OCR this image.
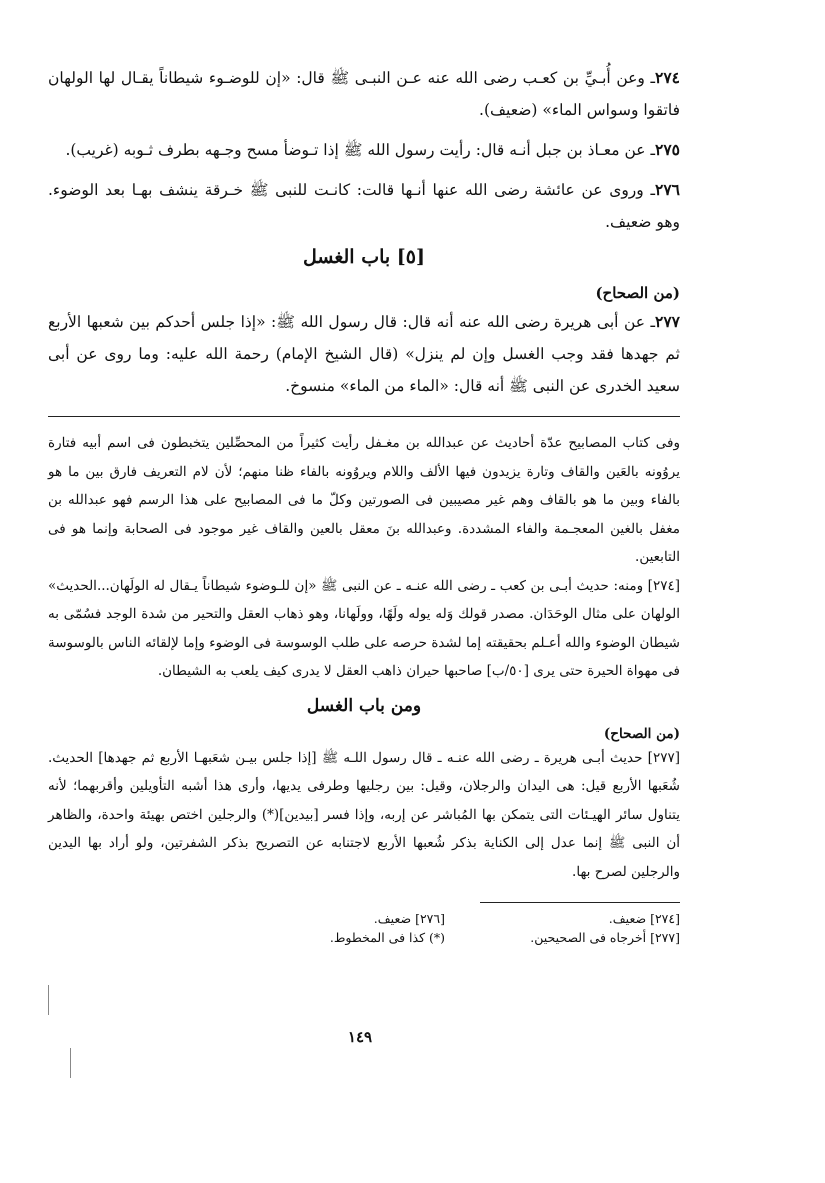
٢٧٤ـ وعن أُبـيِّ بن كعـب رضى الله عنه عـن النبـى ﷺ قال: «إن للوضـوء شيطاناً يقـال لها الولهان فاتقوا وسواس الماء» (ضعيف).

٢٧٥ـ عن معـاذ بن جبل أنـه قال: رأيت رسول الله ﷺ إذا تـوضأ مسح وجـهه بطرف ثـوبه (غريب).

٢٧٦ـ وروى عن عائشة رضى الله عنها أنـها قالت: كانـت للنبى ﷺ خـرقة ينشف بهـا بعد الوضوء. وهو ضعيف.

[٥] باب الغسل
(من الصحاح)

٢٧٧ـ عن أبى هريرة رضى الله عنه أنه قال: قال رسول الله ﷺ: «إذا جلس أحدكم بين شعبها الأربع ثم جهدها فقد وجب الغسل وإن لم ينزل» (قال الشيخ الإمام) رحمة الله عليه: وما روى عن أبى سعيد الخدرى عن النبى ﷺ أنه قال: «الماء من الماء» منسوخ.

وفى كتاب المصابيح عدّة أحاديث عن عبدالله بن مغـفل رأيت كثيراً من المحصِّلين يتخبطون فى اسم أبيه فتارة يروُونه بالعَين والقاف وتارة يزيدون فيها الألف واللام ويروُونه بالفاء ظنا منهم؛ لأن لام التعريف فارق بين ما هو بالفاء وبين ما هو بالقاف وهم غير مصيبين فى الصورتين وكلّ ما فى المصابيح على هذا الرسم فهو عبدالله بن مغفل بالغين المعجـمة والفاء المشددة. وعبدالله بنَ معقل بالعين والقاف غير موجود فى الصحابة وإنما هو فى التابعين.

[٢٧٤] ومنه: حديث أبـى بن كعب ـ رضى الله عنـه ـ عن النبى ﷺ «إن للـوضوء شيطاناً يـقال له الولَهان...الحديث» الولهان على مثال الوحَدَان. مصدر قولك وَله يوله ولَهًا، وولَهانا، وهو ذهاب العقل والتحير من شدة الوجد فسُمّى به شيطان الوضوء والله أعـلم بحقيقته إما لشدة حرصه على طلب الوسوسة فى الوضوء وإما لإلقائه الناس بالوسوسة فى مهواة الحيرة حتى يرى [٥٠/ب] صاحبها حيران ذاهب العقل لا يدرى كيف يلعب به الشيطان.

ومن باب الغسل
(من الصحاح)

[٢٧٧] حديث أبـى هريرة ـ رضى الله عنـه ـ قال رسول اللـه ﷺ [إذا جلس بيـن شعَبهـا الأربع ثم جهدها] الحديث. شُعَبها الأربع قيل: هى اليدان والرجلان، وقيل: بين رجليها وطرفى يديها، وأرى هذا أشبه التأويلين وأقربهما؛ لأنه يتناول سائر الهيـئات التى يتمكن بها المُباشر عن إربه، وإذا فسر [بيدين](*) والرجلين اختص بهيئة واحدة، والظاهر أن النبى ﷺ إنما عدل إلى الكناية بذكر شُعبها الأربع لاجتنابه عن التصريح بذكر الشفرتين، ولو أراد بها اليدين والرجلين لصرح بها.

[٢٧٤] ضعيف.
[٢٧٦] ضعيف.
[٢٧٧] أخرجاه فى الصحيحين.
(*) كذا فى المخطوط.
١٤٩
